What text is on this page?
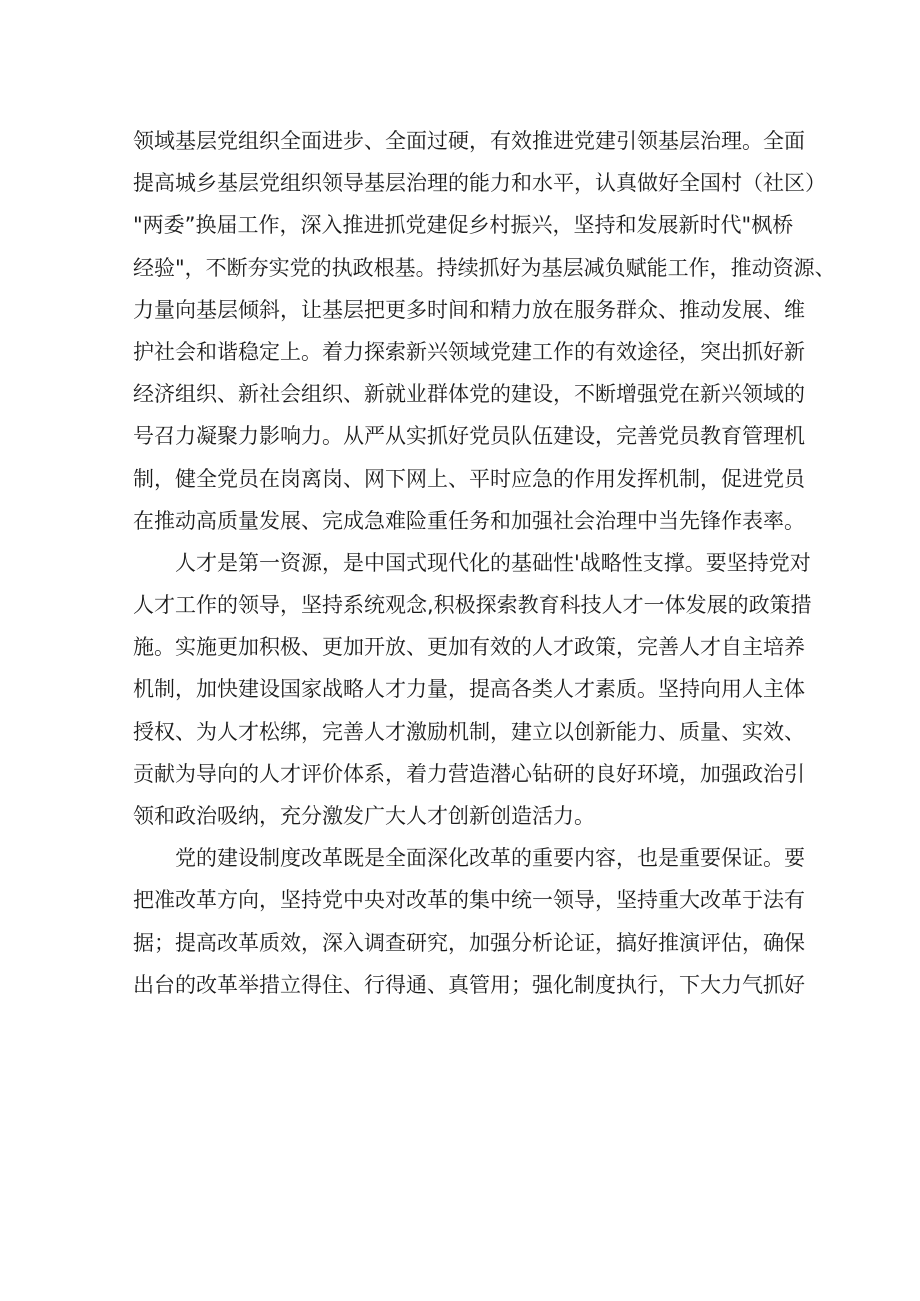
领域基层党组织全面进步、全面过硬，有效推进党建引领基层治理。全面
提高城乡基层党组织领导基层治理的能力和水平，认真做好全国村（社区）
"两委”换届工作，深入推进抓党建促乡村振兴，坚持和发展新时代"枫桥
经验"，不断夯实党的执政根基。持续抓好为基层减负赋能工作，推动资源、
力量向基层倾斜，让基层把更多时间和精力放在服务群众、推动发展、维
护社会和谐稳定上。着力探索新兴领域党建工作的有效途径，突出抓好新
经济组织、新社会组织、新就业群体党的建设，不断增强党在新兴领域的
号召力凝聚力影响力。从严从实抓好党员队伍建设，完善党员教育管理机
制，健全党员在岗离岗、网下网上、平时应急的作用发挥机制，促进党员
在推动高质量发展、完成急难险重任务和加强社会治理中当先锋作表率。
人才是第一资源，是中国式现代化的基础性'战略性支撑。要坚持党对
人才工作的领导，坚持系统观念,积极探索教育科技人才一体发展的政策措
施。实施更加积极、更加开放、更加有效的人才政策，完善人才自主培养
机制，加快建设国家战略人才力量，提高各类人才素质。坚持向用人主体
授权、为人才松绑，完善人才激励机制，建立以创新能力、质量、实效、
贡献为导向的人才评价体系，着力营造潜心钻研的良好环境，加强政治引
领和政治吸纳，充分激发广大人才创新创造活力。
党的建设制度改革既是全面深化改革的重要内容，也是重要保证。要
把准改革方向，坚持党中央对改革的集中统一领导，坚持重大改革于法有
据；提高改革质效，深入调查研究，加强分析论证，搞好推演评估，确保
出台的改革举措立得住、行得通、真管用；强化制度执行，下大力气抓好
